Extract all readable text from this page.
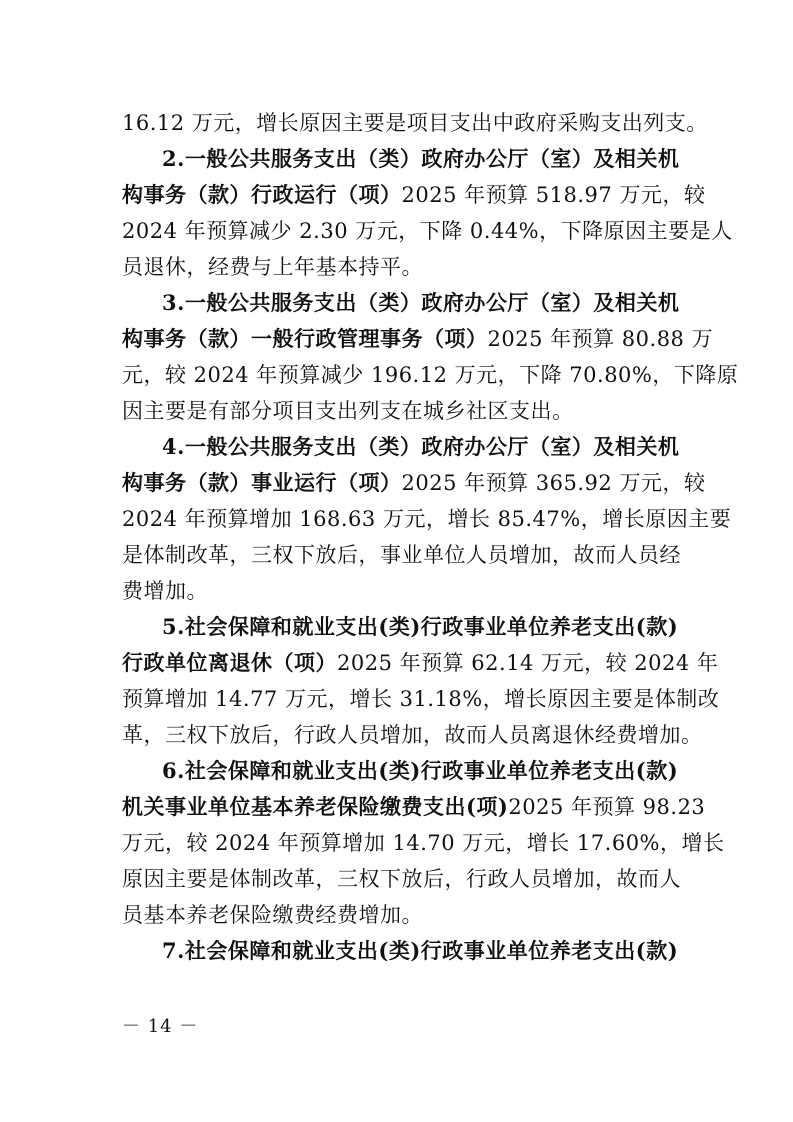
16.12 万元，增长原因主要是项目支出中政府采购支出列支。
2.一般公共服务支出（类）政府办公厅（室）及相关机
构事务（款）行政运行（项）2025 年预算 518.97 万元，较
2024 年预算减少 2.30 万元，下降 0.44%，下降原因主要是人
员退休，经费与上年基本持平。
3.一般公共服务支出（类）政府办公厅（室）及相关机
构事务（款）一般行政管理事务（项）2025 年预算 80.88 万
元，较 2024 年预算减少 196.12 万元，下降 70.80%，下降原
因主要是有部分项目支出列支在城乡社区支出。
4.一般公共服务支出（类）政府办公厅（室）及相关机
构事务（款）事业运行（项）2025 年预算 365.92 万元，较
2024 年预算增加 168.63 万元，增长 85.47%，增长原因主要
是体制改革，三权下放后，事业单位人员增加，故而人员经
费增加。
5.社会保障和就业支出(类)行政事业单位养老支出(款)
行政单位离退休（项）2025 年预算 62.14 万元，较 2024 年
预算增加 14.77 万元，增长 31.18%，增长原因主要是体制改
革，三权下放后，行政人员增加，故而人员离退休经费增加。
6.社会保障和就业支出(类)行政事业单位养老支出(款)
机关事业单位基本养老保险缴费支出(项)2025 年预算 98.23
万元，较 2024 年预算增加 14.70 万元，增长 17.60%，增长
原因主要是体制改革，三权下放后，行政人员增加，故而人
员基本养老保险缴费经费增加。
7.社会保障和就业支出(类)行政事业单位养老支出(款)
－ 14 －
